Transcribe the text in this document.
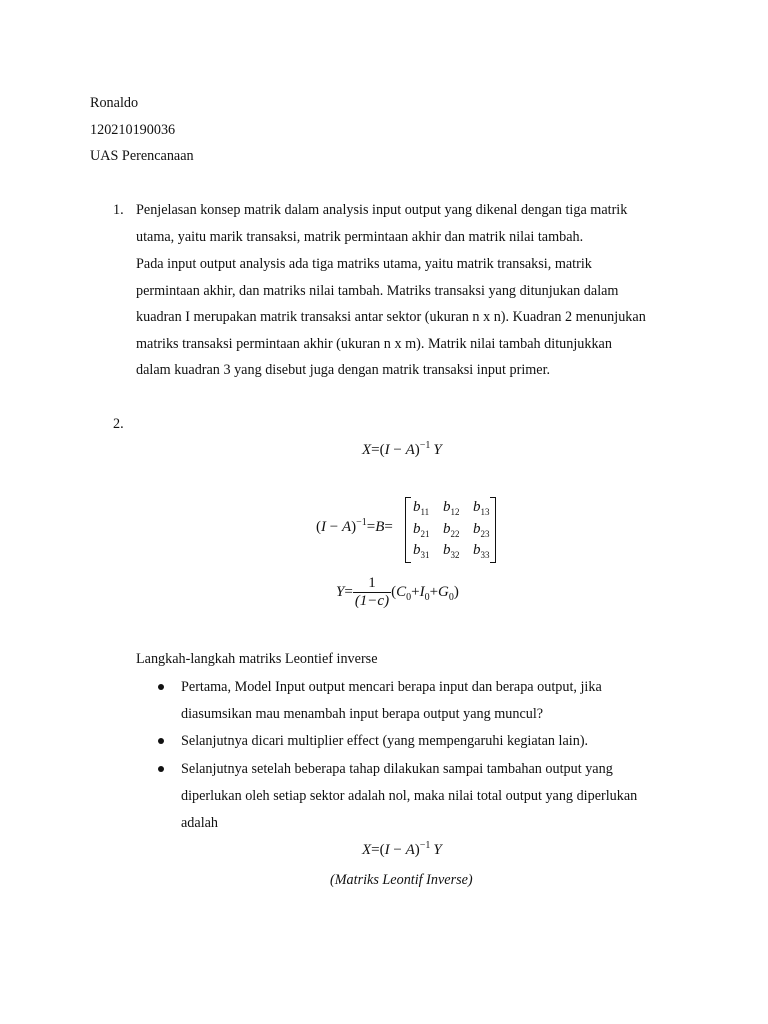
Ronaldo
120210190036
UAS Perencanaan
1. Penjelasan konsep matrik dalam analysis input output yang dikenal dengan tiga matrik
utama, yaitu marik transaksi, matrik permintaan akhir dan matrik nilai tambah.
Pada input output analysis ada tiga matriks utama, yaitu matrik transaksi, matrik
permintaan akhir, dan matriks nilai tambah. Matriks transaksi yang ditunjukan dalam
kuadran I merupakan matrik transaksi antar sektor (ukuran n x n). Kuadran 2 menunjukan
matriks transaksi permintaan akhir (ukuran n x m). Matrik nilai tambah ditunjukkan
dalam kuadran 3 yang disebut juga dengan matrik transaksi input primer.
2.
$X=(I - A)^{-1}$ Y
$(I - A)^{-1}=B=$
$b_{11}$ $b_{12}$ $b_{13}$
$b_{21}$ $b_{22}$ $b_{23}$
$b_{31}$ $b_{32}$ $b_{33}$
$Y= \frac{1}{(1-c)} (C_0+I_0+G_0)$
Langkah-langkah matriks Leontief inverse
Pertama, Model Input output mencari berapa input dan berapa output, jika
diasumsikan mau menambah input berapa output yang muncul?
Selanjutnya dicari multiplier effect (yang mempengaruhi kegiatan lain).
Selanjutnya setelah beberapa tahap dilakukan sampai tambahan output yang
diperlukan oleh setiap sektor adalah nol, maka nilai total output yang diperlukan
adalah
$X=(I - A)^{-1}$ Y
(Matriks Leontif Inverse)
